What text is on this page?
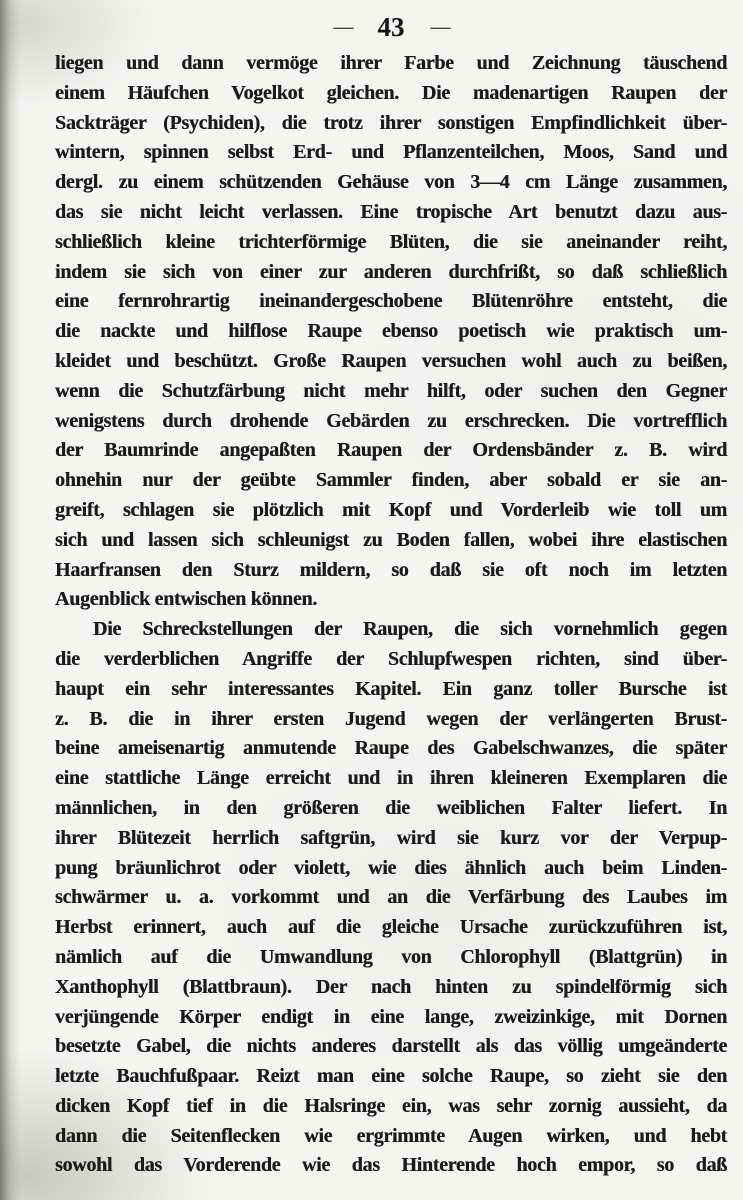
— 43 —
liegen und dann vermöge ihrer Farbe und Zeichnung täuschend
einem Häufchen Vogelkot gleichen. Die madenartigen Raupen der
Sackträger (Psychiden), die trotz ihrer sonstigen Empfindlichkeit über-
wintern, spinnen selbst Erd- und Pflanzenteilchen, Moos, Sand und
dergl. zu einem schützenden Gehäuse von 3—4 cm Länge zusammen,
das sie nicht leicht verlassen. Eine tropische Art benutzt dazu aus-
schließlich kleine trichterförmige Blüten, die sie aneinander reiht,
indem sie sich von einer zur anderen durchfrißt, so daß schließlich
eine fernrohrartig ineinandergeschobene Blütenröhre entsteht, die
die nackte und hilflose Raupe ebenso poetisch wie praktisch um-
kleidet und beschützt. Große Raupen versuchen wohl auch zu beißen,
wenn die Schutzfärbung nicht mehr hilft, oder suchen den Gegner
wenigstens durch drohende Gebärden zu erschrecken. Die vortrefflich
der Baumrinde angepaßten Raupen der Ordensbänder z. B. wird
ohnehin nur der geübte Sammler finden, aber sobald er sie an-
greift, schlagen sie plötzlich mit Kopf und Vorderleib wie toll um
sich und lassen sich schleunigst zu Boden fallen, wobei ihre elastischen
Haarfransen den Sturz mildern, so daß sie oft noch im letzten
Augenblick entwischen können.
Die Schreckstellungen der Raupen, die sich vornehmlich gegen
die verderblichen Angriffe der Schlupfwespen richten, sind über-
haupt ein sehr interessantes Kapitel. Ein ganz toller Bursche ist
z. B. die in ihrer ersten Jugend wegen der verlängerten Brust-
beine ameisenartig anmutende Raupe des Gabelschwanzes, die später
eine stattliche Länge erreicht und in ihren kleineren Exemplaren die
männlichen, in den größeren die weiblichen Falter liefert. In
ihrer Blütezeit herrlich saftgrün, wird sie kurz vor der Verpup-
pung bräunlichrot oder violett, wie dies ähnlich auch beim Linden-
schwärmer u. a. vorkommt und an die Verfärbung des Laubes im
Herbst erinnert, auch auf die gleiche Ursache zurückzuführen ist,
nämlich auf die Umwandlung von Chlorophyll (Blattgrün) in
Xanthophyll (Blattbraun). Der nach hinten zu spindelförmig sich
verjüngende Körper endigt in eine lange, zweizinkige, mit Dornen
besetzte Gabel, die nichts anderes darstellt als das völlig umgeänderte
letzte Bauchfußpaar. Reizt man eine solche Raupe, so zieht sie den
dicken Kopf tief in die Halsringe ein, was sehr zornig aussieht, da
dann die Seitenflecken wie ergrimmte Augen wirken, und hebt
sowohl das Vorderende wie das Hinterende hoch empor, so daß
